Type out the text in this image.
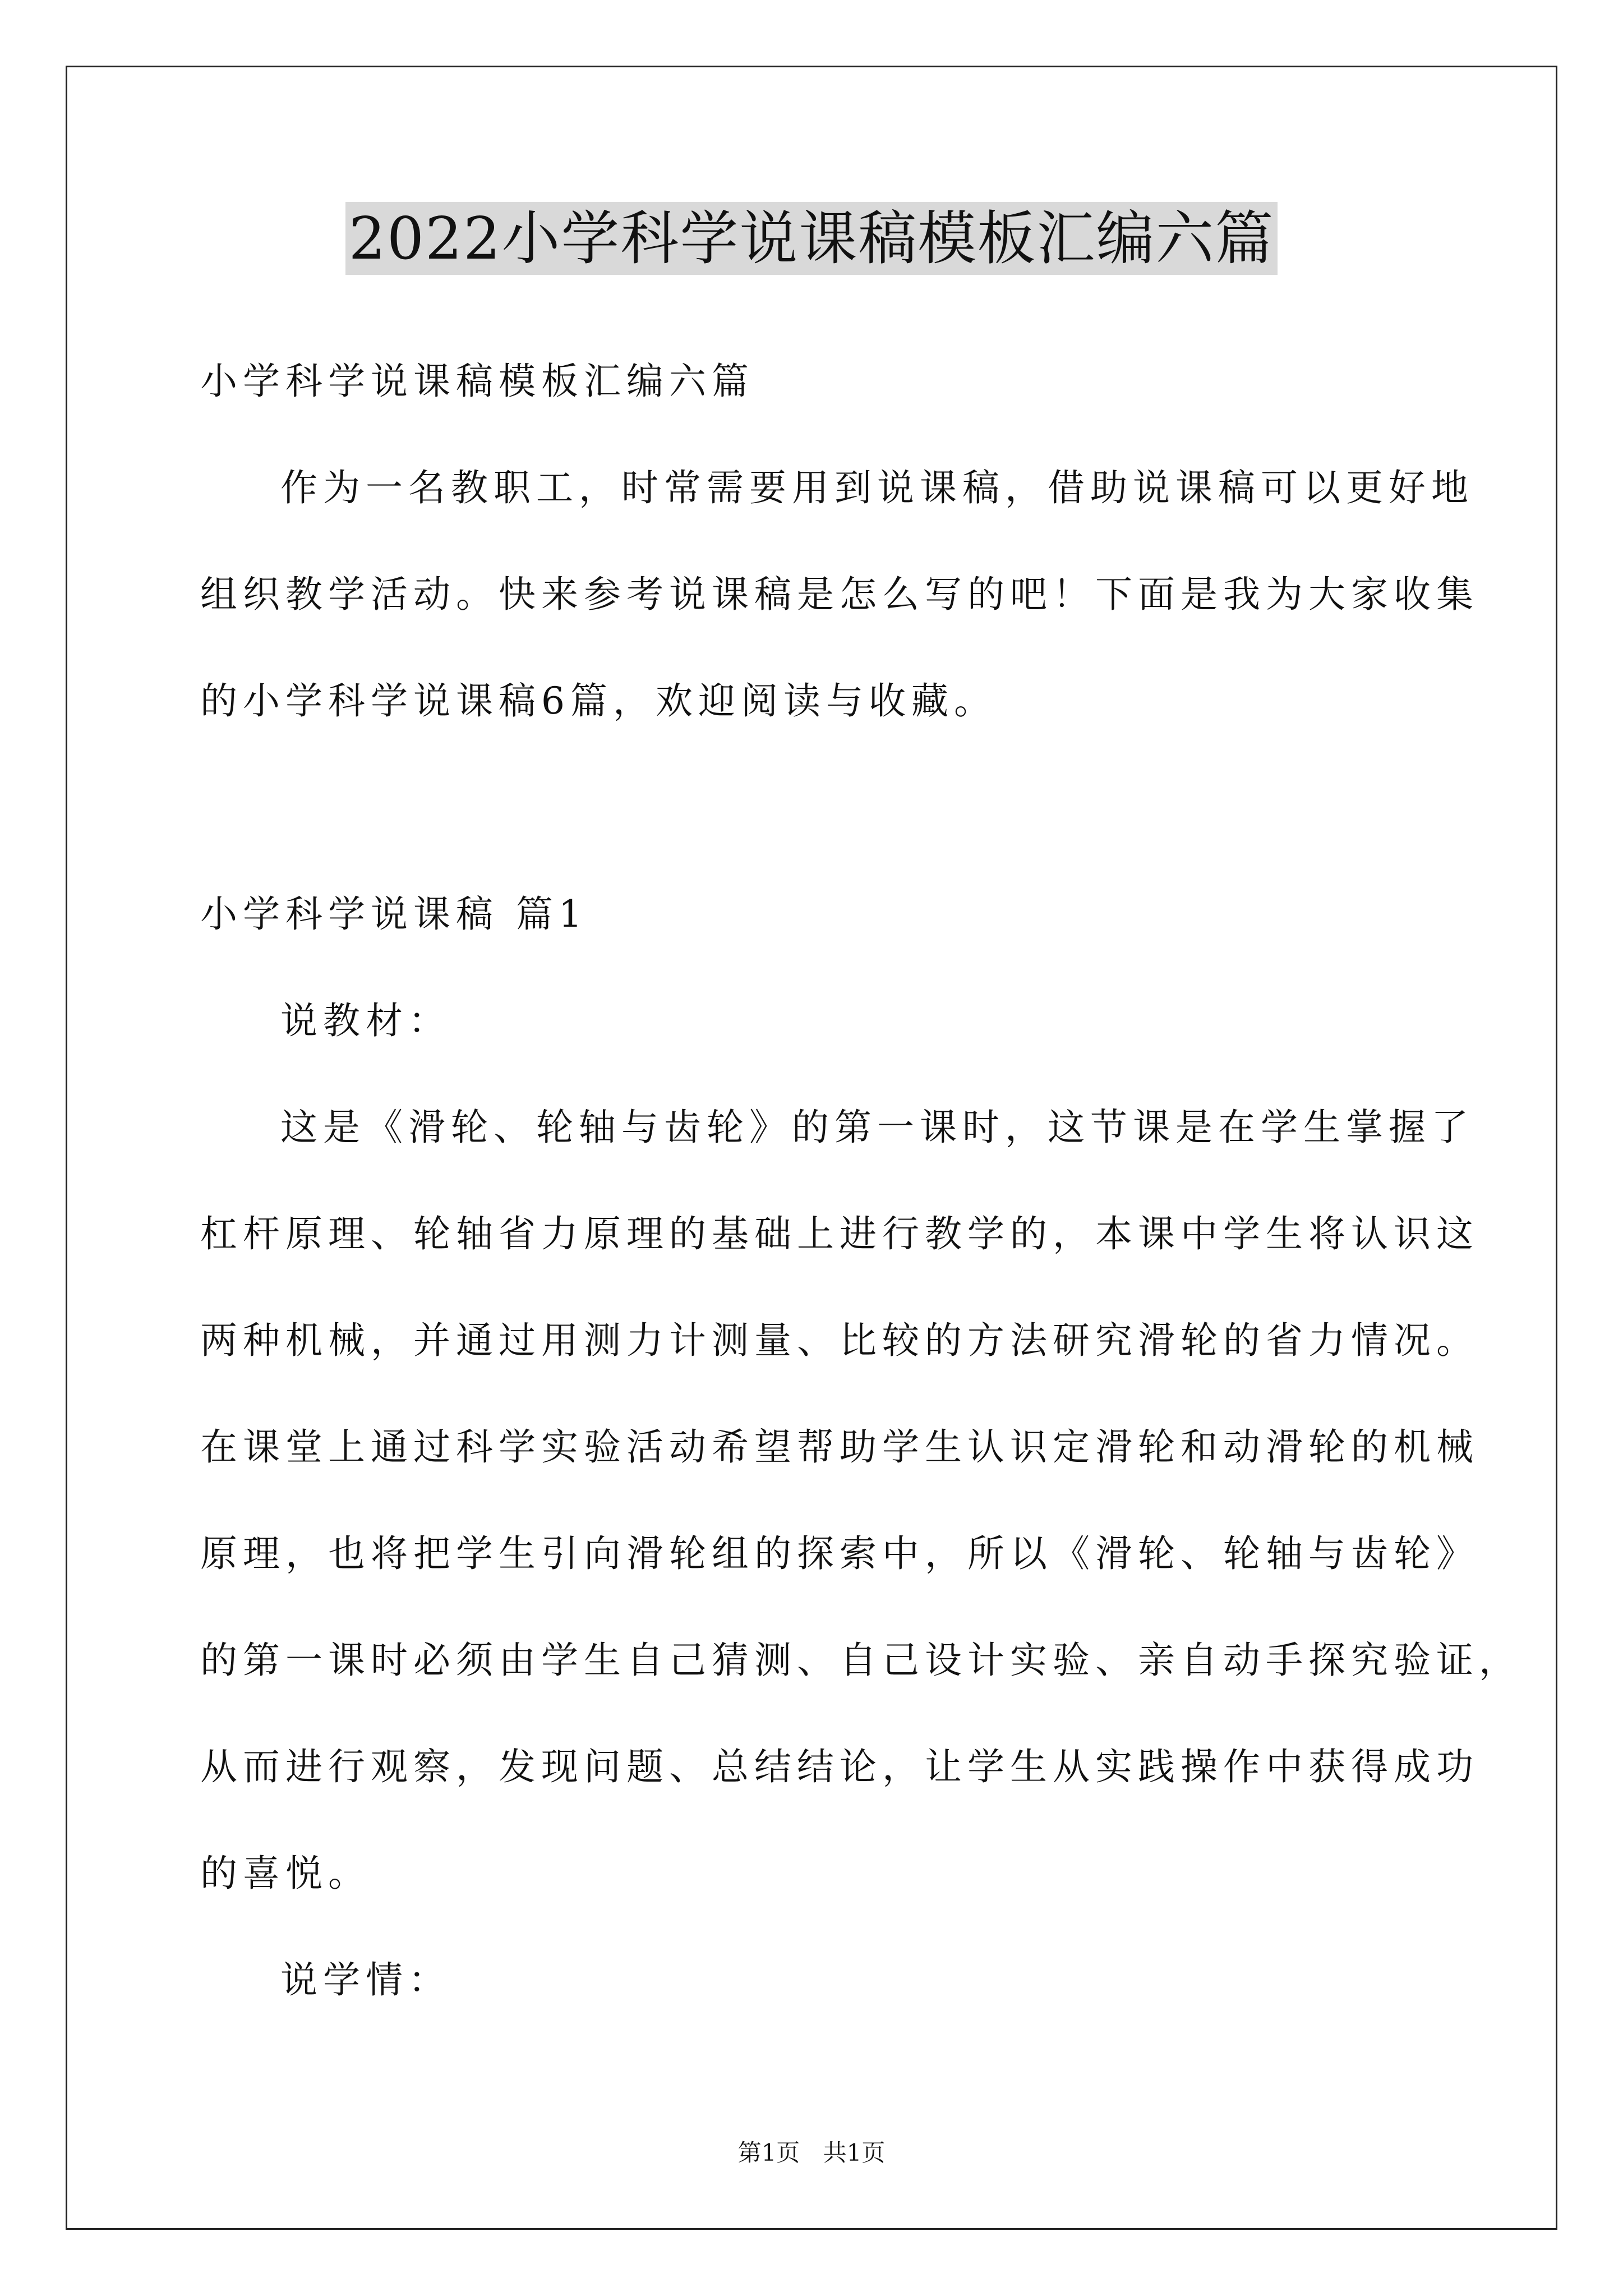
2022小学科学说课稿模板汇编六篇
小学科学说课稿模板汇编六篇
作为一名教职工，时常需要用到说课稿，借助说课稿可以更好地
组织教学活动。快来参考说课稿是怎么写的吧！下面是我为大家收集
的小学科学说课稿6篇，欢迎阅读与收藏。
小学科学说课稿 篇1
说教材：
这是《滑轮、轮轴与齿轮》的第一课时，这节课是在学生掌握了
杠杆原理、轮轴省力原理的基础上进行教学的，本课中学生将认识这
两种机械，并通过用测力计测量、比较的方法研究滑轮的省力情况。
在课堂上通过科学实验活动希望帮助学生认识定滑轮和动滑轮的机械
原理，也将把学生引向滑轮组的探索中，所以《滑轮、轮轴与齿轮》
的第一课时必须由学生自己猜测、自己设计实验、亲自动手探究验证，
从而进行观察，发现问题、总结结论，让学生从实践操作中获得成功
的喜悦。
说学情：
第1页 共1页
